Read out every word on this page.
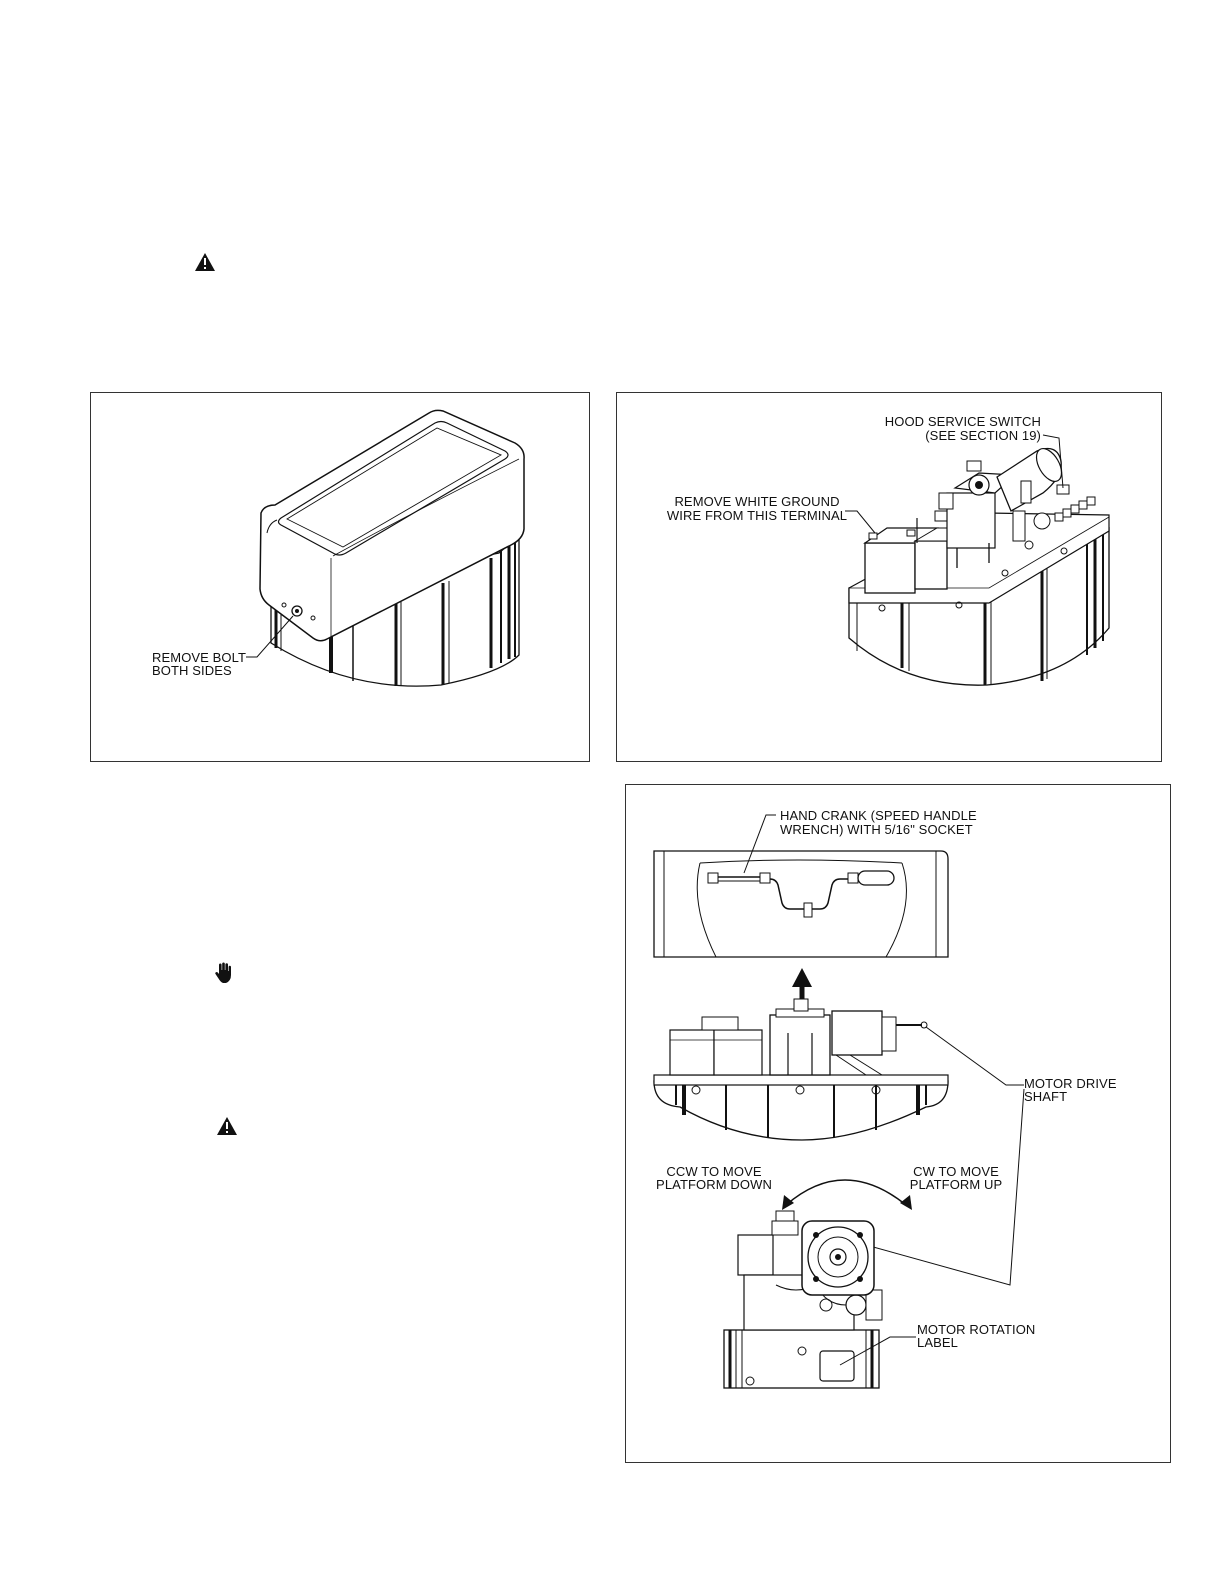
REMOVE BOLT
BOTH SIDES
HOOD SERVICE SWITCH
(SEE SECTION 19)
REMOVE WHITE GROUND
WIRE FROM THIS TERMINAL
HAND CRANK (SPEED HANDLE
WRENCH) WITH 5/16" SOCKET
MOTOR DRIVE
SHAFT
CCW TO MOVE
PLATFORM DOWN
CW TO MOVE
PLATFORM UP
MOTOR ROTATION
LABEL
